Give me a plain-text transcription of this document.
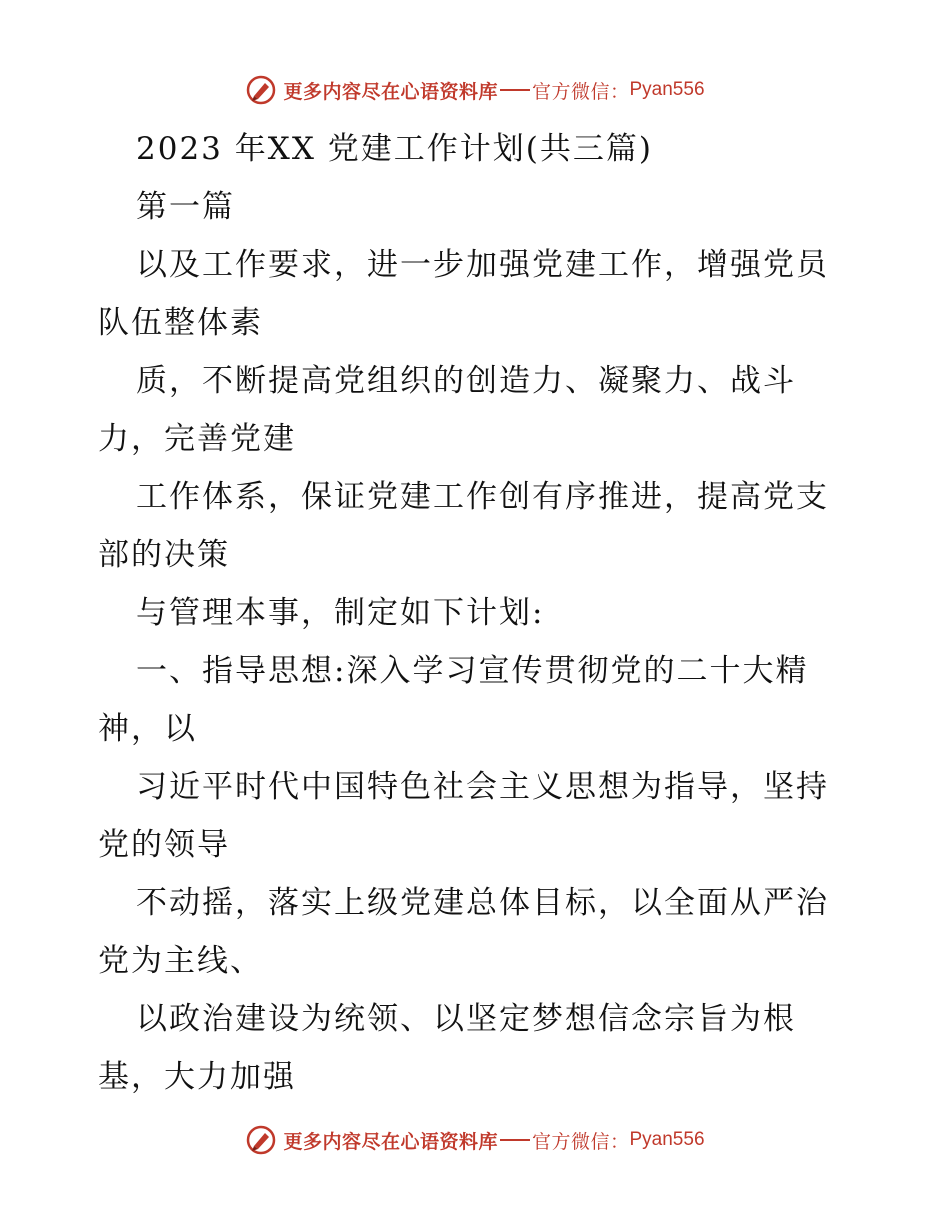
更多内容尽在心语资料库 官方微信： Pyan556

2023 年XX 党建工作计划(共三篇)

第一篇

以及工作要求，进一步加强党建工作，增强党员

队伍整体素

质，不断提高党组织的创造力、凝聚力、战斗

力，完善党建

工作体系，保证党建工作创有序推进，提高党支

部的决策

与管理本事，制定如下计划:

一、指导思想:深入学习宣传贯彻党的二十大精

神，以

习近平时代中国特色社会主义思想为指导，坚持

党的领导

不动摇，落实上级党建总体目标，以全面从严治

党为主线、

以政治建设为统领、以坚定梦想信念宗旨为根

基，大力加强

更多内容尽在心语资料库 官方微信： Pyan556
